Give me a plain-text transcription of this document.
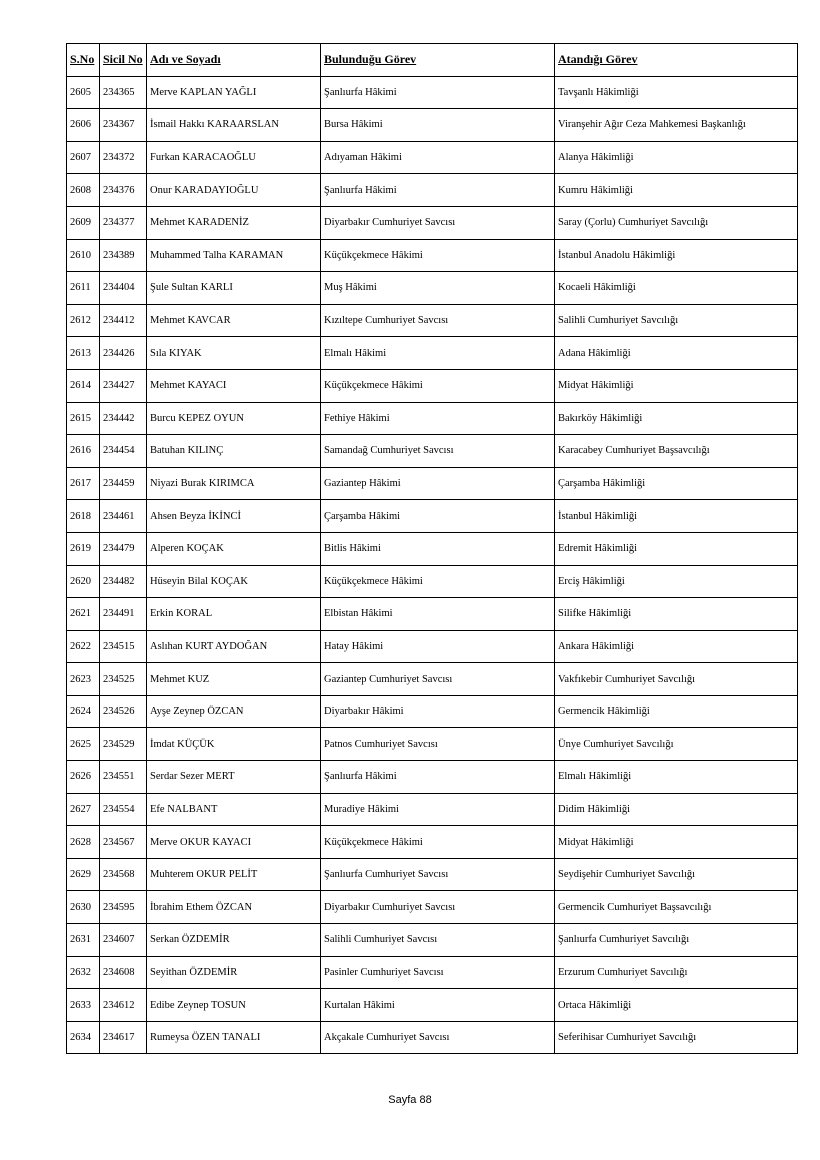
S.No	Sicil No	Adı ve Soyadı	Bulunduğu Görev	Atandığı Görev
2605	234365	Merve KAPLAN YAĞLI	Şanlıurfa Hâkimi	Tavşanlı Hâkimliği
2606	234367	İsmail Hakkı KARAARSLAN	Bursa Hâkimi	Viranşehir Ağır Ceza Mahkemesi Başkanlığı
2607	234372	Furkan KARACAOĞLU	Adıyaman Hâkimi	Alanya Hâkimliği
2608	234376	Onur KARADAYIOĞLU	Şanlıurfa Hâkimi	Kumru Hâkimliği
2609	234377	Mehmet KARADENİZ	Diyarbakır Cumhuriyet Savcısı	Saray (Çorlu) Cumhuriyet Savcılığı
2610	234389	Muhammed Talha KARAMAN	Küçükçekmece Hâkimi	İstanbul Anadolu Hâkimliği
2611	234404	Şule Sultan KARLI	Muş Hâkimi	Kocaeli Hâkimliği
2612	234412	Mehmet KAVCAR	Kızıltepe Cumhuriyet Savcısı	Salihli Cumhuriyet Savcılığı
2613	234426	Sıla KIYAK	Elmalı Hâkimi	Adana Hâkimliği
2614	234427	Mehmet KAYACI	Küçükçekmece Hâkimi	Midyat Hâkimliği
2615	234442	Burcu KEPEZ OYUN	Fethiye Hâkimi	Bakırköy Hâkimliği
2616	234454	Batuhan KILINÇ	Samandağ Cumhuriyet Savcısı	Karacabey Cumhuriyet Başsavcılığı
2617	234459	Niyazi Burak KIRIMCA	Gaziantep Hâkimi	Çarşamba Hâkimliği
2618	234461	Ahsen Beyza İKİNCİ	Çarşamba Hâkimi	İstanbul Hâkimliği
2619	234479	Alperen KOÇAK	Bitlis Hâkimi	Edremit Hâkimliği
2620	234482	Hüseyin Bilal KOÇAK	Küçükçekmece Hâkimi	Erciş Hâkimliği
2621	234491	Erkin KORAL	Elbistan Hâkimi	Silifke Hâkimliği
2622	234515	Aslıhan KURT AYDOĞAN	Hatay Hâkimi	Ankara Hâkimliği
2623	234525	Mehmet KUZ	Gaziantep Cumhuriyet Savcısı	Vakfıkebir Cumhuriyet Savcılığı
2624	234526	Ayşe Zeynep ÖZCAN	Diyarbakır Hâkimi	Germencik Hâkimliği
2625	234529	İmdat KÜÇÜK	Patnos Cumhuriyet Savcısı	Ünye Cumhuriyet Savcılığı
2626	234551	Serdar Sezer MERT	Şanlıurfa Hâkimi	Elmalı Hâkimliği
2627	234554	Efe NALBANT	Muradiye Hâkimi	Didim Hâkimliği
2628	234567	Merve OKUR KAYACI	Küçükçekmece Hâkimi	Midyat Hâkimliği
2629	234568	Muhterem OKUR PELİT	Şanlıurfa Cumhuriyet Savcısı	Seydişehir Cumhuriyet Savcılığı
2630	234595	İbrahim Ethem ÖZCAN	Diyarbakır Cumhuriyet Savcısı	Germencik Cumhuriyet Başsavcılığı
2631	234607	Serkan ÖZDEMİR	Salihli Cumhuriyet Savcısı	Şanlıurfa Cumhuriyet Savcılığı
2632	234608	Seyithan ÖZDEMİR	Pasinler Cumhuriyet Savcısı	Erzurum Cumhuriyet Savcılığı
2633	234612	Edibe Zeynep TOSUN	Kurtalan Hâkimi	Ortaca Hâkimliği
2634	234617	Rumeysa ÖZEN TANALI	Akçakale Cumhuriyet Savcısı	Seferihisar Cumhuriyet Savcılığı
Sayfa 88
